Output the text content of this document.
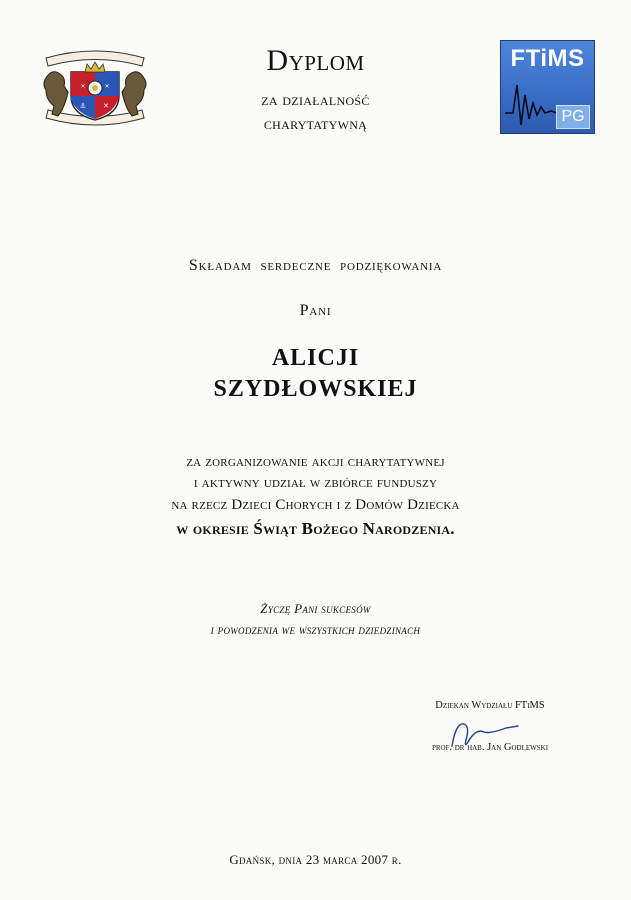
✕	✕
⚓ ✕
FTiMS
PG
Dyplom
za działalność
charytatywną
Składam serdeczne podziękowania
Pani
ALICJI
SZYDŁOWSKIEJ
za zorganizowanie akcji charytatywnej
i aktywny udział w zbiórce funduszy
na rzecz Dzieci Chorych i z Domów Dziecka
w okresie Świąt Bożego Narodzenia.
Życzę Pani sukcesów
i powodzenia we wszystkich dziedzinach
Dziekan Wydziału FTiMS
prof. dr hab. Jan Godlewski
Gdańsk, dnia 23 marca 2007 r.
